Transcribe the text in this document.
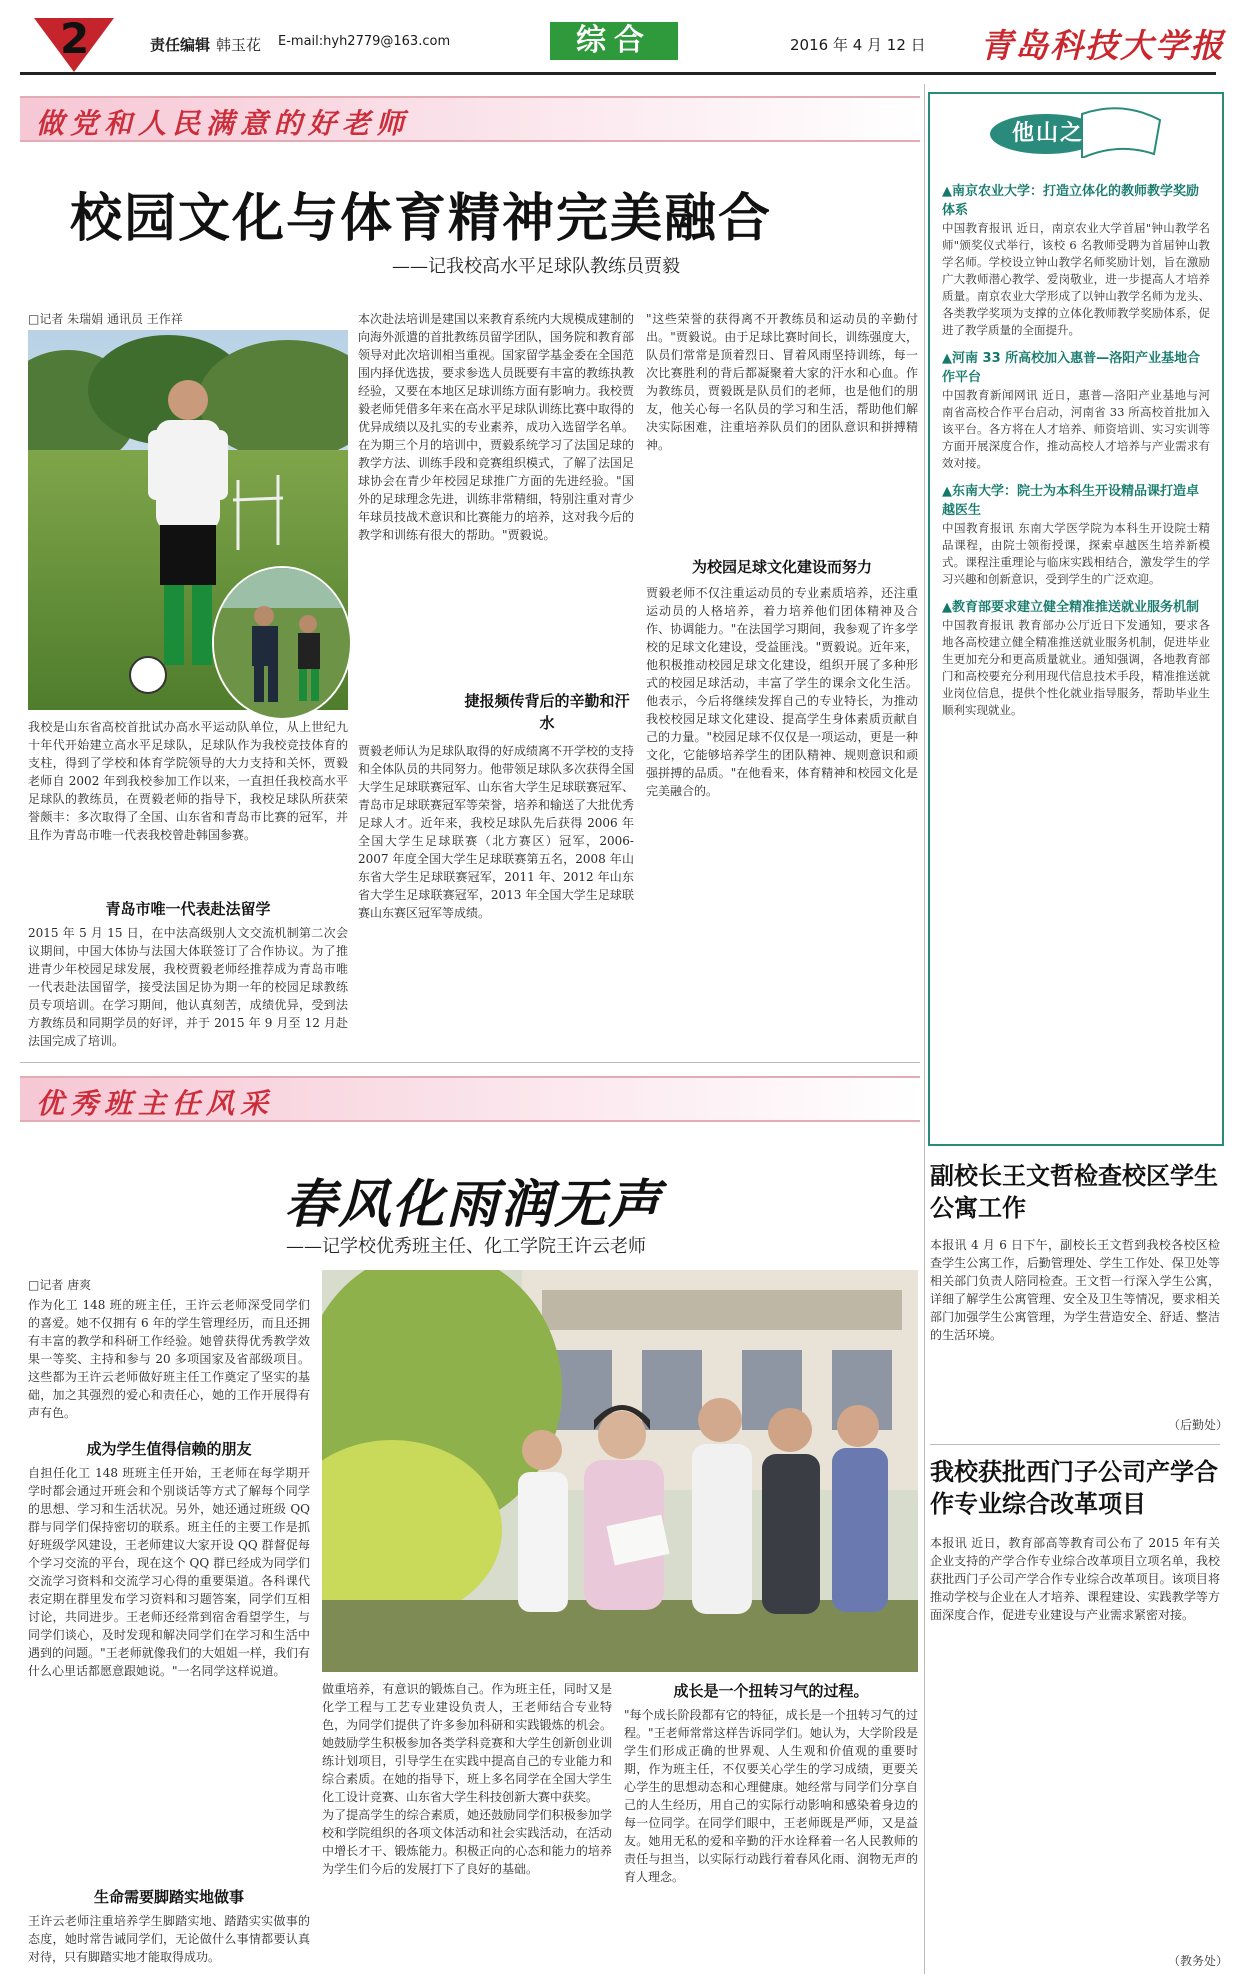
2	责任编辑 韩玉花 E-mail:hyh2779@163.com	综合	2016 年 4 月 12 日 青岛科技大学报
做党和人民满意的好老师
校园文化与体育精神完美融合
——记我校高水平足球队教练员贾毅
□记者 朱瑞娟 通讯员 王作祥
我校是山东省高校首批试办高水平运动队单位，从上世纪九十年代开始建立高水平足球队，足球队作为我校竞技体育的支柱，得到了学校和体育学院领导的大力支持和关怀，贾毅老师自 2002 年到我校参加工作以来，一直担任我校高水平足球队的教练员，在贾毅老师的指导下，我校足球队所获荣誉颇丰：多次取得了全国、山东省和青岛市比赛的冠军，并且作为青岛市唯一代表我校曾赴韩国参赛。
青岛市唯一代表赴法留学
2015 年 5 月 15 日，在中法高级别人文交流机制第二次会议期间，中国大体协与法国大体联签订了合作协议。为了推进青少年校园足球发展，我校贾毅老师经推荐成为青岛市唯一代表赴法国留学，接受法国足协为期一年的校园足球教练员专项培训。在学习期间，他认真刻苦，成绩优异，受到法方教练员和同期学员的好评，并于 2015 年 9 月至 12 月赴法国完成了培训。
本次赴法培训是建国以来教育系统内大规模成建制的向海外派遣的首批教练员留学团队，国务院和教育部领导对此次培训相当重视。国家留学基金委在全国范围内择优选拔，要求参选人员既要有丰富的教练执教经验，又要在本地区足球训练方面有影响力。我校贾毅老师凭借多年来在高水平足球队训练比赛中取得的优异成绩以及扎实的专业素养，成功入选留学名单。在为期三个月的培训中，贾毅系统学习了法国足球的教学方法、训练手段和竞赛组织模式，了解了法国足球协会在青少年校园足球推广方面的先进经验。"国外的足球理念先进，训练非常精细，特别注重对青少年球员技战术意识和比赛能力的培养，这对我今后的教学和训练有很大的帮助。"贾毅说。
捷报频传背后的辛勤和汗水
贾毅老师认为足球队取得的好成绩离不开学校的支持和全体队员的共同努力。他带领足球队多次获得全国大学生足球联赛冠军、山东省大学生足球联赛冠军、青岛市足球联赛冠军等荣誉，培养和输送了大批优秀足球人才。近年来，我校足球队先后获得 2006 年全国大学生足球联赛（北方赛区）冠军，2006-2007 年度全国大学生足球联赛第五名，2008 年山东省大学生足球联赛冠军，2011 年、2012 年山东省大学生足球联赛冠军，2013 年全国大学生足球联赛山东赛区冠军等成绩。
"这些荣誉的获得离不开教练员和运动员的辛勤付出。"贾毅说。由于足球比赛时间长，训练强度大，队员们常常是顶着烈日、冒着风雨坚持训练，每一次比赛胜利的背后都凝聚着大家的汗水和心血。作为教练员，贾毅既是队员们的老师，也是他们的朋友，他关心每一名队员的学习和生活，帮助他们解决实际困难，注重培养队员们的团队意识和拼搏精神。
为校园足球文化建设而努力
贾毅老师不仅注重运动员的专业素质培养，还注重运动员的人格培养，着力培养他们团体精神及合作、协调能力。"在法国学习期间，我参观了许多学校的足球文化建设，受益匪浅。"贾毅说。近年来，他积极推动校园足球文化建设，组织开展了多种形式的校园足球活动，丰富了学生的课余文化生活。他表示，今后将继续发挥自己的专业特长，为推动我校校园足球文化建设、提高学生身体素质贡献自己的力量。"校园足球不仅仅是一项运动，更是一种文化，它能够培养学生的团队精神、规则意识和顽强拼搏的品质。"在他看来，体育精神和校园文化是完美融合的。
优秀班主任风采
春风化雨润无声
——记学校优秀班主任、化工学院王许云老师
□记者 唐爽
作为化工 148 班的班主任，王许云老师深受同学们的喜爱。她不仅拥有 6 年的学生管理经历，而且还拥有丰富的教学和科研工作经验。她曾获得优秀教学效果一等奖、主持和参与 20 多项国家及省部级项目。这些都为王许云老师做好班主任工作奠定了坚实的基础，加之其强烈的爱心和责任心，她的工作开展得有声有色。
成为学生值得信赖的朋友
自担任化工 148 班班主任开始，王老师在每学期开学时都会通过开班会和个别谈话等方式了解每个同学的思想、学习和生活状况。另外，她还通过班级 QQ 群与同学们保持密切的联系。班主任的主要工作是抓好班级学风建设，王老师建议大家开设 QQ 群督促每个学习交流的平台，现在这个 QQ 群已经成为同学们交流学习资料和交流学习心得的重要渠道。各科课代表定期在群里发布学习资料和习题答案，同学们互相讨论，共同进步。王老师还经常到宿舍看望学生，与同学们谈心，及时发现和解决同学们在学习和生活中遇到的问题。"王老师就像我们的大姐姐一样，我们有什么心里话都愿意跟她说。"一名同学这样说道。
生命需要脚踏实地做事
王许云老师注重培养学生脚踏实地、踏踏实实做事的态度，她时常告诫同学们，无论做什么事情都要认真对待，只有脚踏实地才能取得成功。
做重培养，有意识的锻炼自己。作为班主任，同时又是化学工程与工艺专业建设负责人，王老师结合专业特色，为同学们提供了许多参加科研和实践锻炼的机会。她鼓励学生积极参加各类学科竞赛和大学生创新创业训练计划项目，引导学生在实践中提高自己的专业能力和综合素质。在她的指导下，班上多名同学在全国大学生化工设计竞赛、山东省大学生科技创新大赛中获奖。
为了提高学生的综合素质，她还鼓励同学们积极参加学校和学院组织的各项文体活动和社会实践活动，在活动中增长才干、锻炼能力。积极正向的心态和能力的培养为学生们今后的发展打下了良好的基础。
成长是一个扭转习气的过程。
"每个成长阶段都有它的特征，成长是一个扭转习气的过程。"王老师常常这样告诉同学们。她认为，大学阶段是学生们形成正确的世界观、人生观和价值观的重要时期，作为班主任，不仅要关心学生的学习成绩，更要关心学生的思想动态和心理健康。她经常与同学们分享自己的人生经历，用自己的实际行动影响和感染着身边的每一位同学。在同学们眼中，王老师既是严师，又是益友。她用无私的爱和辛勤的汗水诠释着一名人民教师的责任与担当，以实际行动践行着春风化雨、润物无声的育人理念。
他山之石
▲南京农业大学：打造立体化的教师教学奖励体系
中国教育报讯 近日，南京农业大学首届"钟山教学名师"颁奖仪式举行，该校 6 名教师受聘为首届钟山教学名师。学校设立钟山教学名师奖励计划，旨在激励广大教师潜心教学、爱岗敬业，进一步提高人才培养质量。南京农业大学形成了以钟山教学名师为龙头、各类教学奖项为支撑的立体化教师教学奖励体系，促进了教学质量的全面提升。
▲河南 33 所高校加入惠普—洛阳产业基地合作平台
中国教育新闻网讯 近日，惠普—洛阳产业基地与河南省高校合作平台启动，河南省 33 所高校首批加入该平台。各方将在人才培养、师资培训、实习实训等方面开展深度合作，推动高校人才培养与产业需求有效对接。
▲东南大学：院士为本科生开设精品课打造卓越医生
中国教育报讯 东南大学医学院为本科生开设院士精品课程，由院士领衔授课，探索卓越医生培养新模式。课程注重理论与临床实践相结合，激发学生的学习兴趣和创新意识，受到学生的广泛欢迎。
▲教育部要求建立健全精准推送就业服务机制
中国教育报讯 教育部办公厅近日下发通知，要求各地各高校建立健全精准推送就业服务机制，促进毕业生更加充分和更高质量就业。通知强调，各地教育部门和高校要充分利用现代信息技术手段，精准推送就业岗位信息，提供个性化就业指导服务，帮助毕业生顺利实现就业。
副校长王文哲检查校区学生公寓工作
本报讯 4 月 6 日下午，副校长王文哲到我校各校区检查学生公寓工作，后勤管理处、学生工作处、保卫处等相关部门负责人陪同检查。王文哲一行深入学生公寓，详细了解学生公寓管理、安全及卫生等情况，要求相关部门加强学生公寓管理，为学生营造安全、舒适、整洁的生活环境。
（后勤处）
我校获批西门子公司产学合作专业综合改革项目
本报讯 近日，教育部高等教育司公布了 2015 年有关企业支持的产学合作专业综合改革项目立项名单，我校获批西门子公司产学合作专业综合改革项目。该项目将推动学校与企业在人才培养、课程建设、实践教学等方面深度合作，促进专业建设与产业需求紧密对接。
（教务处）
